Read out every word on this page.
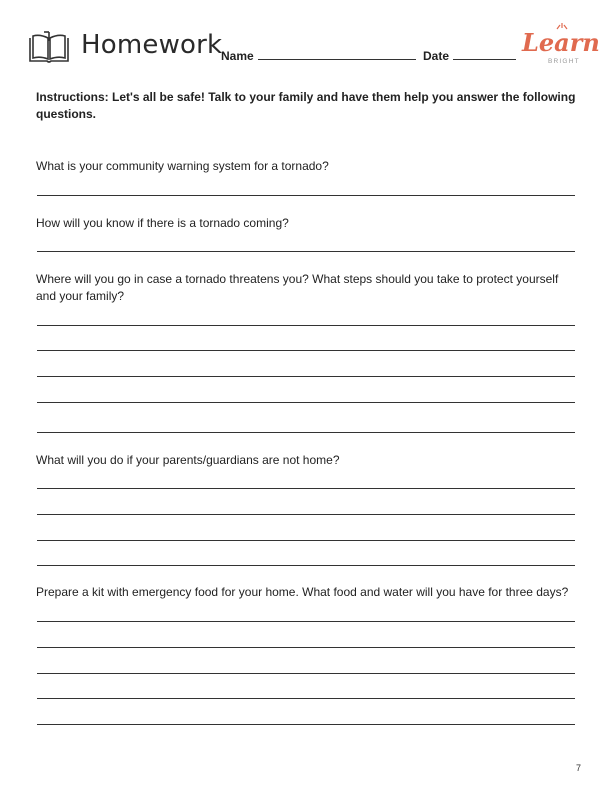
Homework
Name	Date	Learn
BRIGHT
Instructions: Let's all be safe! Talk to your family and have them help you answer the following questions.
What is your community warning system for a tornado?
How will you know if there is a tornado coming?
Where will you go in case a tornado threatens you? What steps should you take to protect yourself and your family?
What will you do if your parents/guardians are not home?
Prepare a kit with emergency food for your home. What food and water will you have for three days?
7
